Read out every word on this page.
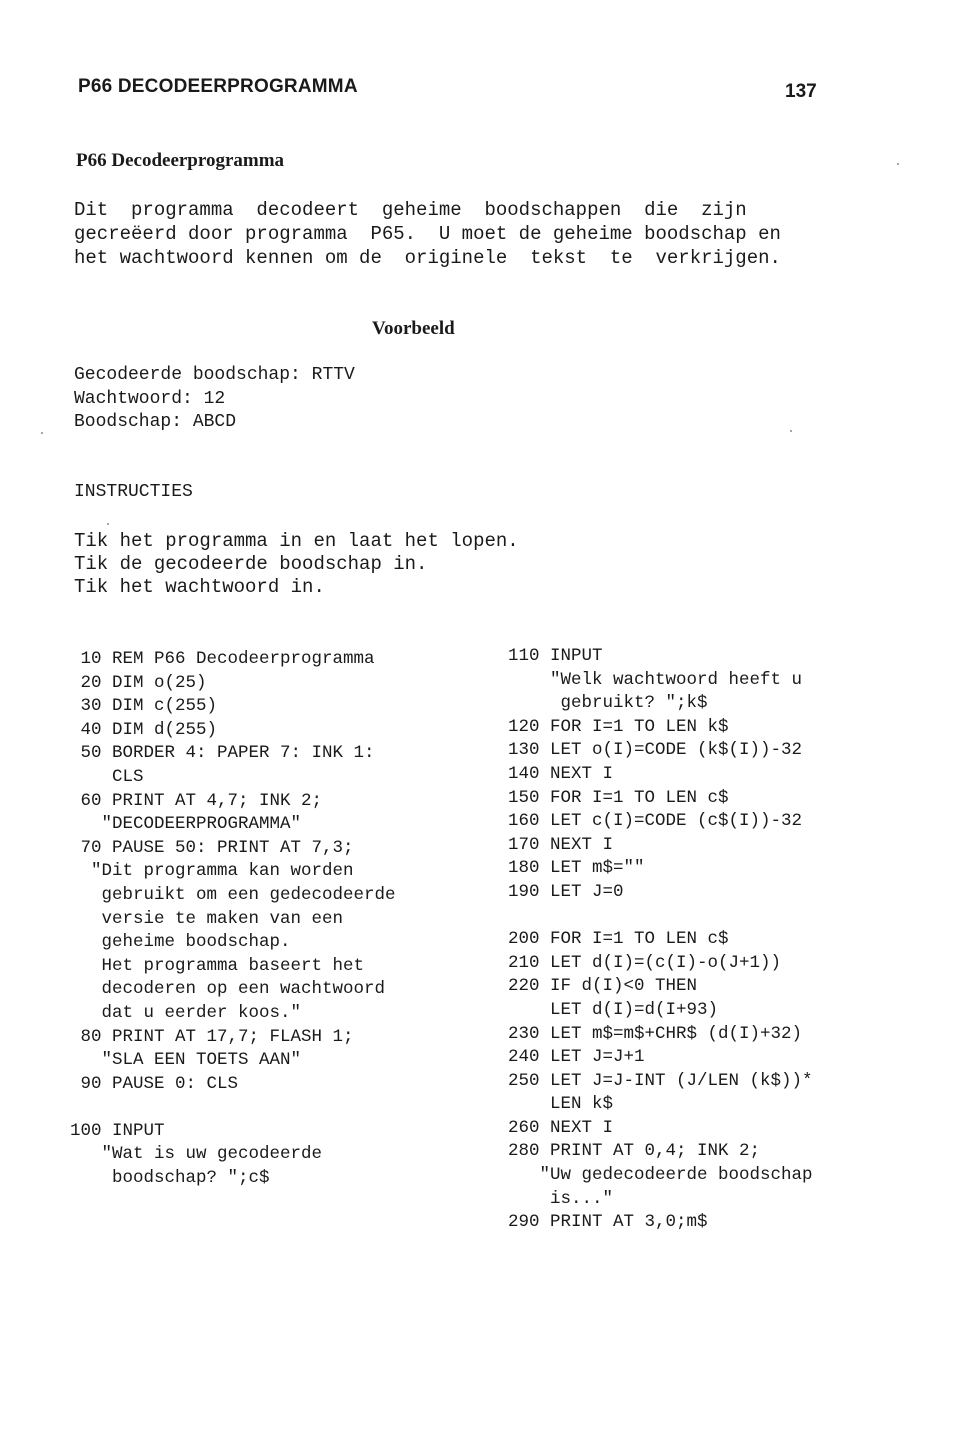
P66 DECODEERPROGRAMMA	137
P66 Decodeerprogramma
Dit  programma  decodeert  geheime  boodschappen  die  zijn
gecreëerd door programma  P65.  U moet de geheime boodschap en
het wachtwoord kennen om de  originele  tekst  te  verkrijgen.
Voorbeeld
Gecodeerde boodschap: RTTV
Wachtwoord: 12
Boodschap: ABCD
INSTRUCTIES
Tik het programma in en laat het lopen.
Tik de gecodeerde boodschap in.
Tik het wachtwoord in.
10 REM P66 Decodeerprogramma
20 DIM o(25)
30 DIM c(255)
40 DIM d(255)
50 BORDER 4: PAPER 7: INK 1:
CLS
60 PRINT AT 4,7; INK 2;
"DECODEERPROGRAMMA"
70 PAUSE 50: PRINT AT 7,3;
"Dit programma kan worden
gebruikt om een gedecodeerde
versie te maken van een
geheime boodschap.
Het programma baseert het
decoderen op een wachtwoord
dat u eerder koos."
80 PRINT AT 17,7; FLASH 1;
"SLA EEN TOETS AAN"
90 PAUSE 0: CLS
100 INPUT
"Wat is uw gecodeerde
boodschap? ";c$
110 INPUT
"Welk wachtwoord heeft u
gebruikt? ";k$
120 FOR I=1 TO LEN k$
130 LET o(I)=CODE (k$(I))-32
140 NEXT I
150 FOR I=1 TO LEN c$
160 LET c(I)=CODE (c$(I))-32
170 NEXT I
180 LET m$=""
190 LET J=0
200 FOR I=1 TO LEN c$
210 LET d(I)=(c(I)-o(J+1))
220 IF d(I)<0 THEN
LET d(I)=d(I+93)
230 LET m$=m$+CHR$ (d(I)+32)
240 LET J=J+1
250 LET J=J-INT (J/LEN (k$))*
LEN k$
260 NEXT I
280 PRINT AT 0,4; INK 2;
"Uw gedecodeerde boodschap
is..."
290 PRINT AT 3,0;m$
